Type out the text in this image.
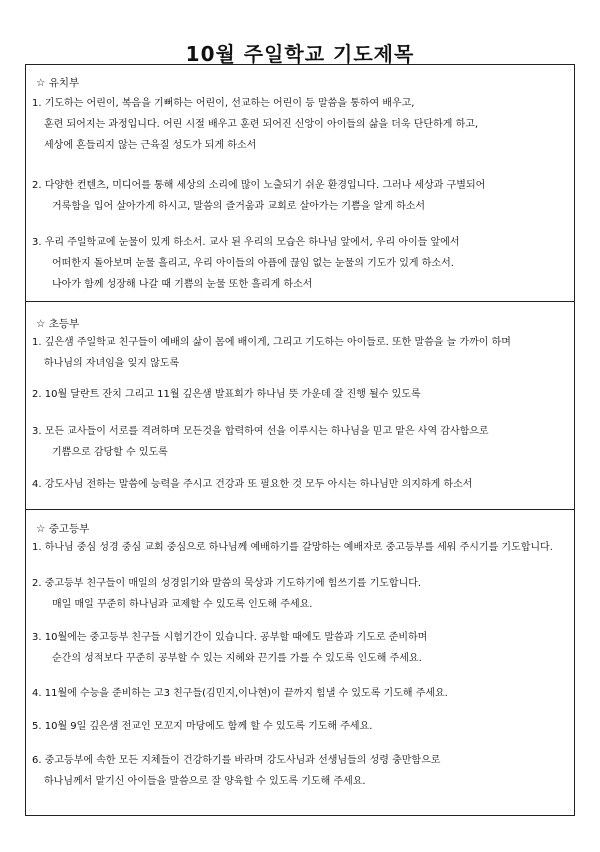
10월 주일학교 기도제목
☆ 유치부
1. 기도하는 어린이, 복음을 기뻐하는 어린이, 선교하는 어린이 등 말씀을 통하여 배우고,
훈련 되어지는 과정입니다. 어린 시절 배우고 훈련 되어진 신앙이 아이들의 삶을 더욱 단단하게 하고,
세상에 흔들리지 않는 근육질 성도가 되게 하소서
2. 다양한 컨텐츠, 미디어를 통해 세상의 소리에 많이 노출되기 쉬운 환경입니다. 그러나 세상과 구별되어
거룩함을 입어 살아가게 하시고, 말씀의 즐거움과 교회로 살아가는 기쁨을 알게 하소서
3. 우리 주일학교에 눈물이 있게 하소서. 교사 된 우리의 모습은 하나님 앞에서, 우리 아이들 앞에서
어떠한지 돌아보며 눈물 흘리고, 우리 아이들의 아픔에 끊임 없는 눈물의 기도가 있게 하소서.
나아가 함께 성장해 나갈 때 기쁨의 눈물 또한 흘리게 하소서
☆ 초등부
1. 깊은샘 주일학교 친구들이 예배의 삶이 몸에 배이게, 그리고 기도하는 아이들로. 또한 말씀을 늘 가까이 하며
하나님의 자녀임을 잊지 않도록
2. 10월 달란트 잔치 그리고 11월 깊은샘 발표회가 하나님 뜻 가운데 잘 진행 될수 있도록
3. 모든 교사들이 서로를 격려하며 모든것을 합력하여 선을 이루시는 하나님을 믿고 맡은 사역 감사함으로
기쁨으로 감당할 수 있도록
4. 강도사님 전하는 말씀에 능력을 주시고 건강과 또 필요한 것 모두 아시는 하나님만 의지하게 하소서
☆ 중고등부
1. 하나님 중심 성경 중심 교회 중심으로 하나님께 예배하기를 갈망하는 예배자로 중고등부를 세워 주시기를 기도합니다.
2. 중고등부 친구들이 매일의 성경읽기와 말씀의 묵상과 기도하기에 힘쓰기를 기도합니다.
매일 매일 꾸준히 하나님과 교제할 수 있도록 인도해 주세요.
3. 10월에는 중고등부 친구들 시험기간이 있습니다. 공부할 때에도 말씀과 기도로 준비하며
순간의 성적보다 꾸준히 공부할 수 있는 지혜와 끈기를 가를 수 있도록 인도해 주세요.
4. 11월에 수능을 준비하는 고3 친구들(김민지,이나현)이 끝까지 힘낼 수 있도록 기도해 주세요.
5. 10월 9일 깊은샘 전교인 모꼬지 마당에도 함께 할 수 있도록 기도해 주세요.
6. 중고등부에 속한 모든 지체들이 건강하기를 바라며 강도사님과 선생님들의 성령 충만함으로
하나님께서 맡기신 아이들을 말씀으로 잘 양육할 수 있도록 기도해 주세요.
